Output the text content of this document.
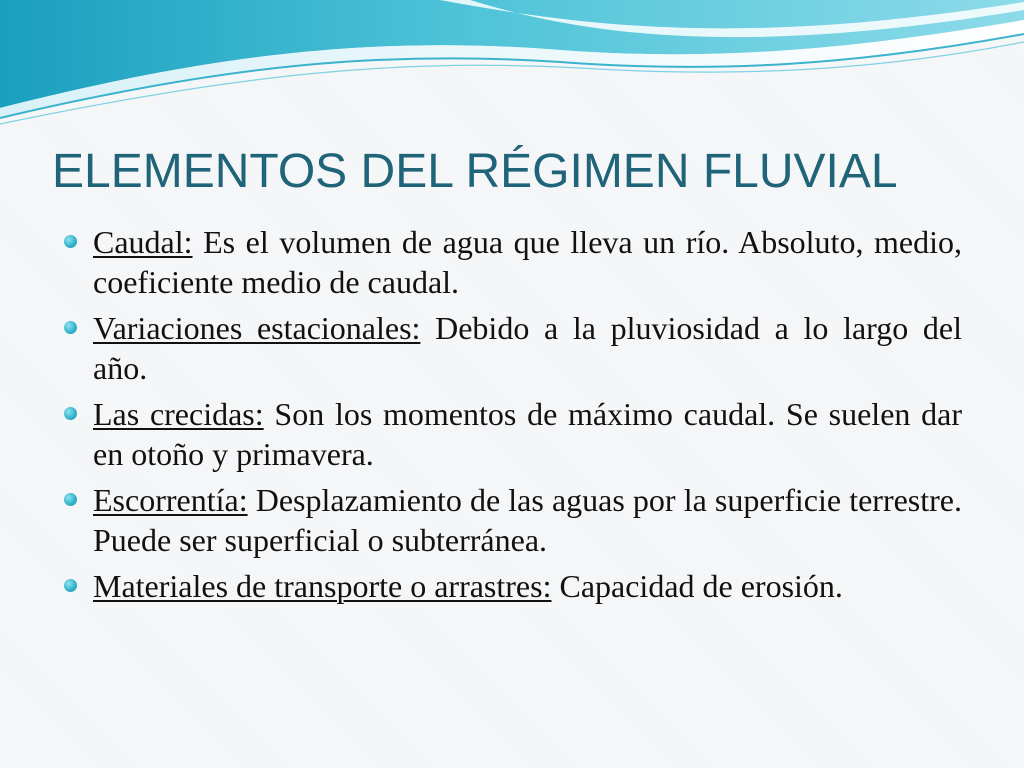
ELEMENTOS DEL RÉGIMEN FLUVIAL
Caudal: Es el volumen de agua que lleva un río. Absoluto, medio, coeficiente medio de caudal.
Variaciones estacionales: Debido a la pluviosidad a lo largo del año.
Las crecidas: Son los momentos de máximo caudal. Se suelen dar en otoño y primavera.
Escorrentía: Desplazamiento de las aguas por la superficie terrestre. Puede ser superficial o subterránea.
Materiales de transporte o arrastres: Capacidad de erosión.
